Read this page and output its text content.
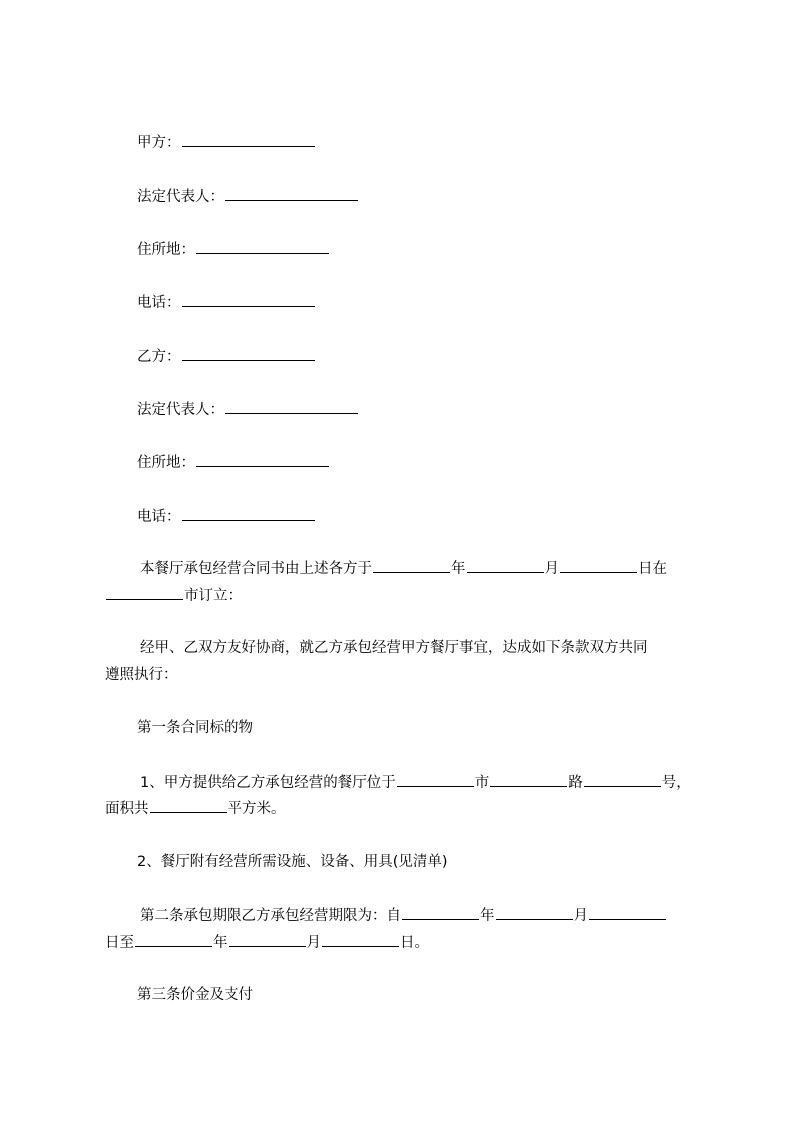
甲方：
法定代表人：
住所地：
电话：
乙方：
法定代表人：
住所地：
电话：
本餐厅承包经营合同书由上述各方于	年	月	日在
市订立：
经甲、乙双方友好协商，就乙方承包经营甲方餐厅事宜，达成如下条款双方共同
遵照执行：
第一条合同标的物
1、甲方提供给乙方承包经营的餐厅位于	市	路	号，
面积共	平方米。
2、餐厅附有经营所需设施、设备、用具(见清单)
第二条承包期限乙方承包经营期限为：自	年	月
日至	年	月	日。
第三条价金及支付
